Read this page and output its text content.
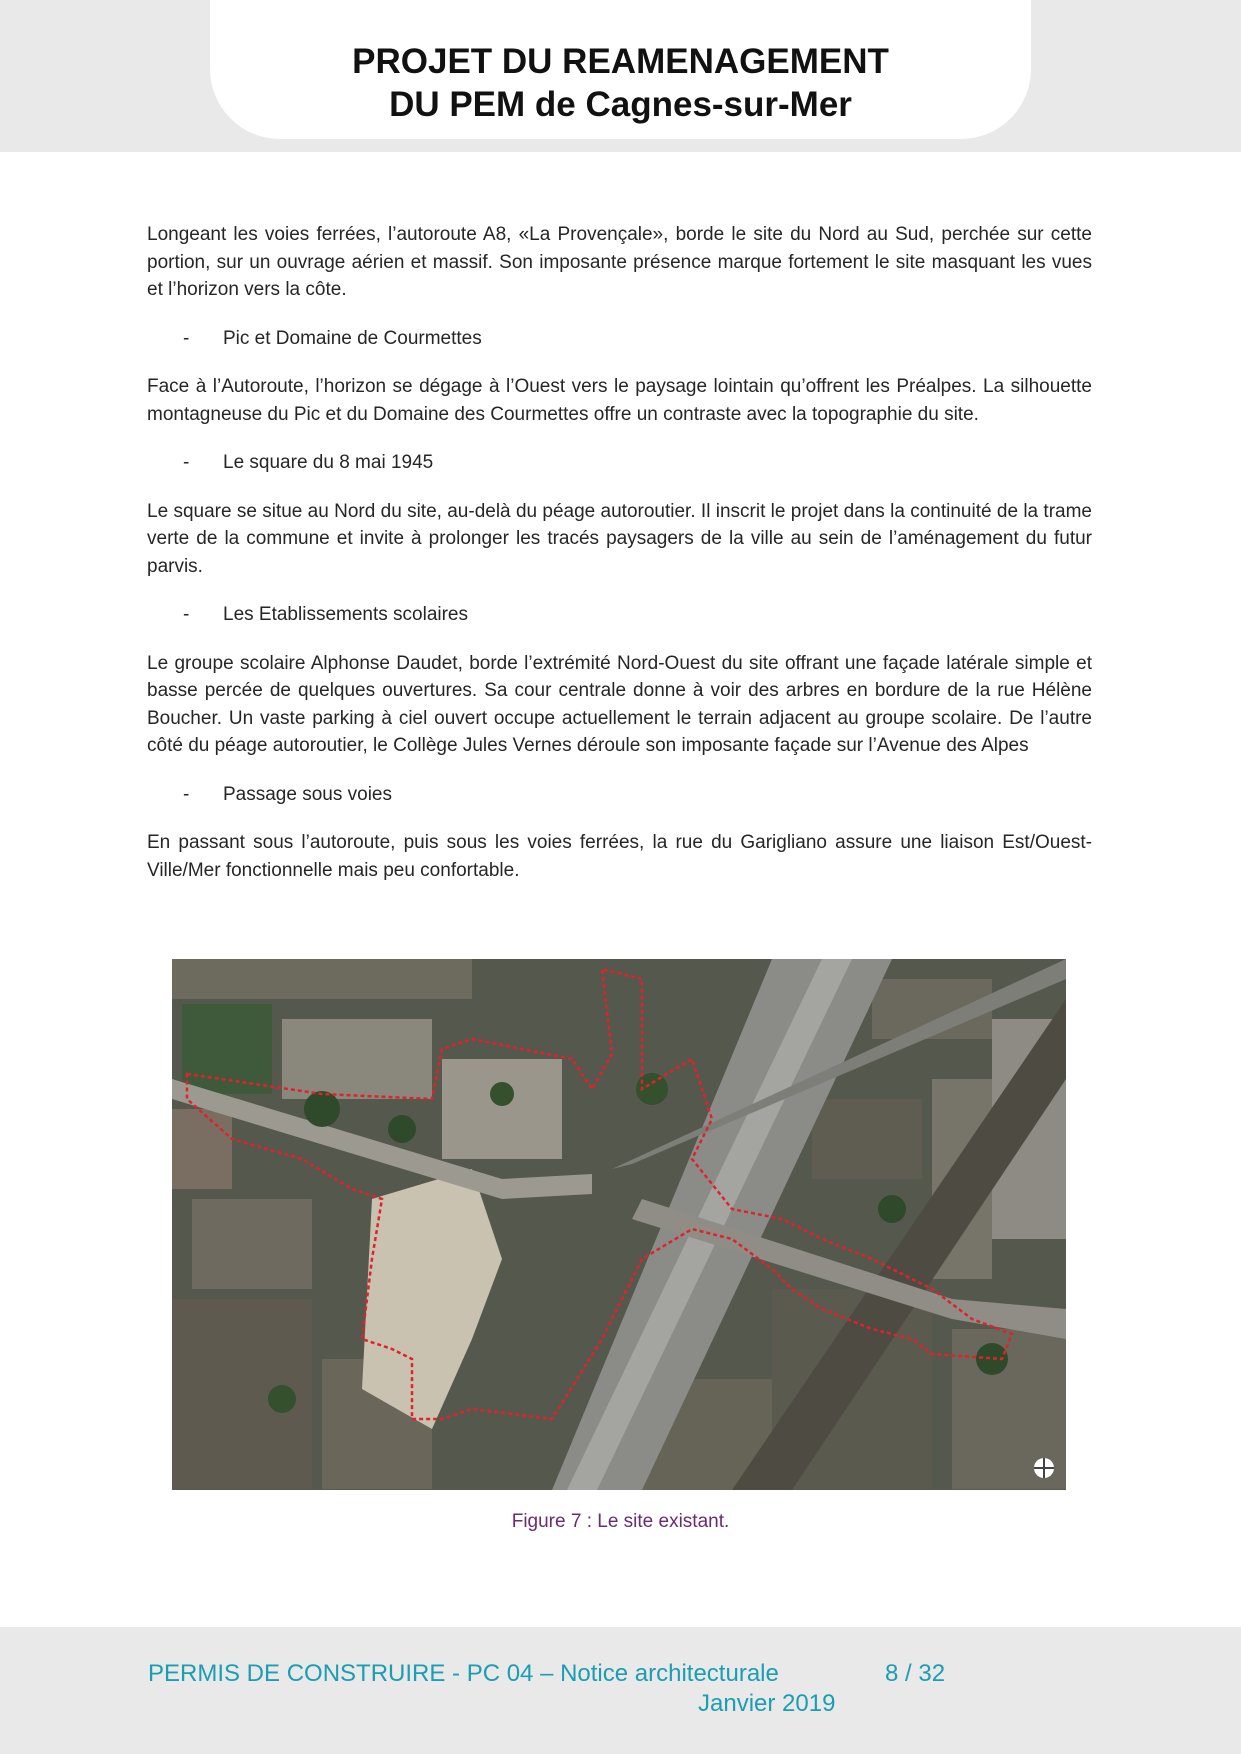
PROJET DU REAMENAGEMENT
DU PEM de Cagnes-sur-Mer

Longeant les voies ferrées, l’autoroute A8, «La Provençale», borde le site du Nord au Sud, perchée sur cette portion, sur un ouvrage aérien et massif. Son imposante présence marque fortement le site masquant les vues et l’horizon vers la côte.

- Pic et Domaine de Courmettes

Face à l’Autoroute, l’horizon se dégage à l’Ouest vers le paysage lointain qu’offrent les Préalpes. La silhouette montagneuse du Pic et du Domaine des Courmettes offre un contraste avec la topographie du site.

- Le square du 8 mai 1945

Le square se situe au Nord du site, au-delà du péage autoroutier. Il inscrit le projet dans la continuité de la trame verte de la commune et invite à prolonger les tracés paysagers de la ville au sein de l’aménagement du futur parvis.

- Les Etablissements scolaires

Le groupe scolaire Alphonse Daudet, borde l’extrémité Nord-Ouest du site offrant une façade latérale simple et basse percée de quelques ouvertures. Sa cour centrale donne à voir des arbres en bordure de la rue Hélène Boucher. Un vaste parking à ciel ouvert occupe actuellement le terrain adjacent au groupe scolaire. De l’autre côté du péage autoroutier, le Collège Jules Vernes déroule son imposante façade sur l’Avenue des Alpes

- Passage sous voies

En passant sous l’autoroute, puis sous les voies ferrées, la rue du Garigliano assure une liaison Est/Ouest-Ville/Mer fonctionnelle mais peu confortable.

Figure 7 : Le site existant.
PERMIS DE CONSTRUIRE - PC 04 – Notice architecturale	8 / 32
Janvier 2019
